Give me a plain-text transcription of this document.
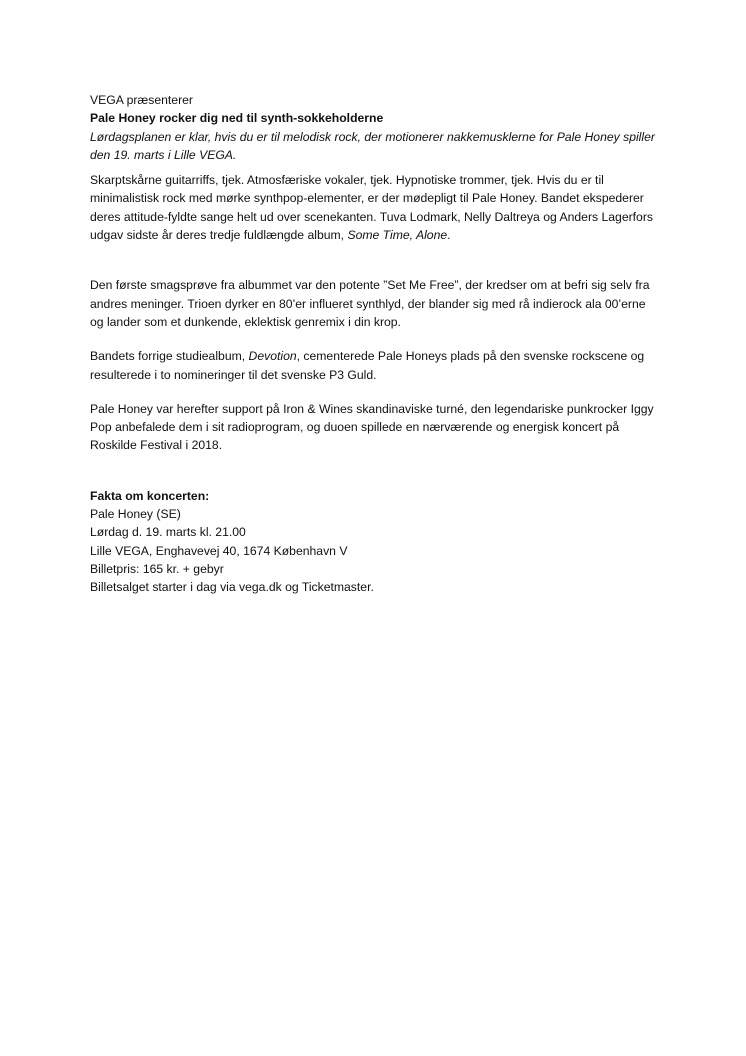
VEGA præsenterer

Pale Honey rocker dig ned til synth-sokkeholderne

Lørdagsplanen er klar, hvis du er til melodisk rock, der motionerer nakkemusklerne for Pale Honey spiller den 19. marts i Lille VEGA.

Skarptskårne guitarriffs, tjek. Atmosfæriske vokaler, tjek. Hypnotiske trommer, tjek. Hvis du er til minimalistisk rock med mørke synthpop-elementer, er der mødepligt til Pale Honey. Bandet ekspederer deres attitude-fyldte sange helt ud over scenekanten. Tuva Lodmark, Nelly Daltreya og Anders Lagerfors udgav sidste år deres tredje fuldlængde album, Some Time, Alone.

Den første smagsprøve fra albummet var den potente ”Set Me Free”, der kredser om at befri sig selv fra andres meninger. Trioen dyrker en 80’er influeret synthlyd, der blander sig med rå indierock ala 00’erne og lander som et dunkende, eklektisk genremix i din krop.

Bandets forrige studiealbum, Devotion, cementerede Pale Honeys plads på den svenske rockscene og resulterede i to nomineringer til det svenske P3 Guld.

Pale Honey var herefter support på Iron & Wines skandinaviske turné, den legendariske punkrocker Iggy Pop anbefalede dem i sit radioprogram, og duoen spillede en nærværende og energisk koncert på Roskilde Festival i 2018.

Fakta om koncerten:

Pale Honey (SE)

Lørdag d. 19. marts kl. 21.00

Lille VEGA, Enghavevej 40, 1674 København V

Billetpris: 165 kr. + gebyr

Billetsalget starter i dag via vega.dk og Ticketmaster.
